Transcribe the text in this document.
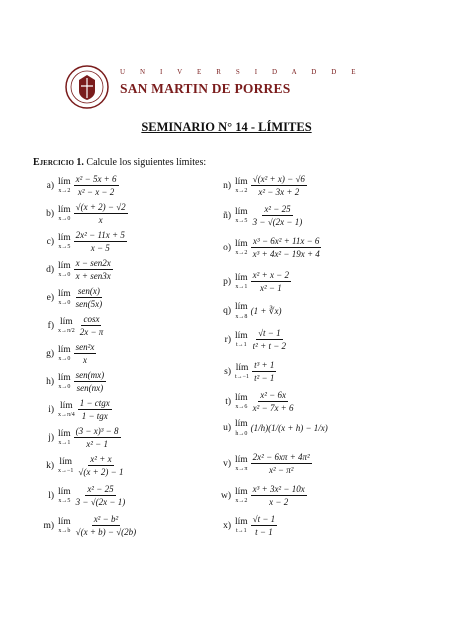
U N I V E R S I D A D D E
SAN MARTIN DE PORRES
SEMINARIO N° 14 - LÍMITES
Ejercicio 1. Calcule los siguientes límites:
a) lím
$x\to 2 \frac{\text{x² − 5x + 6}}{\text{x² − x − 2}}$
b) lím
$x\to 0 \frac{√(x + 2) - √2}{x}$
c) lím
$x\to 5 \frac{\text{2x² − 11x + 5}}{x - 5}$
d) lím
$x\to 0 \frac{\text{x − sen2x}}{\text{x + sen3x}}$
e) lím
$x\to 0 \frac{\text{sen(x)}}{\text{sen(5x)}}$
f) lím
$x\to\pi/2 \frac{\cos x}{2x - \pi}$
g) lím
$x\to 0 \frac{\text{sen²x}}{x}$
h) lím
$x\to 0 \frac{\text{sen(mx)}}{\text{sen(nx)}}$
i) lím
$x\to\pi/4 \frac{\text{1 − ctgx}}{\text{1 − tgx}}$
j) lím
$x\to 1 \frac{\text{(3 − x)³ − 8}}{\text{x² − 1}}$
k) lím
$x\to-1 \frac{\text{x² + x}}{√(x + 2) - 1}$
l) lím
$x\to 5 \frac{\text{x² − 25}}{3 - √(2x - 1)}$
m) lím
$x\to b \frac{\text{x² − b²}}{√(x + b) - √(2b)}$
n) lím
$x\to 2 \frac{\text{√(x² + x) − √6}}{\text{x² − 3x + 2}}$
ñ) lím
$x\to 5 \frac{\text{x² − 25}}{3 - √(2x - 1)}$
o) lím
$x\to 2 \frac{\text{x³ − 6x² + 11x − 6}}{\text{x³ + 4x² − 19x + 4}}$
p) lím
$x\to 1 \frac{\text{x² + x − 2}}{\text{x² − 1}}$
q) lím
x→8
(1 + ∛x)
r) lím
$t\to 1 \frac{√t - 1}{\text{t² + t − 2}}$
s) lím
$t\to-1 \frac{\text{t³ + 1}}{\text{t² − 1}}$
t) lím
$x\to 6 \frac{\text{x² − 6x}}{\text{x² − 7x + 6}}$
u) lím
h→0
(1/h)(1/(x + h) − 1/x)
v) lím
$x\to\pi \frac{\text{2x² − 6xπ + 4π²}}{\text{x² − π²}}$
w) lím
$x\to 2 \frac{\text{x³ + 3x² − 10x}}{x - 2}$
x) lím
$t\to 1 \frac{√t - 1}{t - 1}$
